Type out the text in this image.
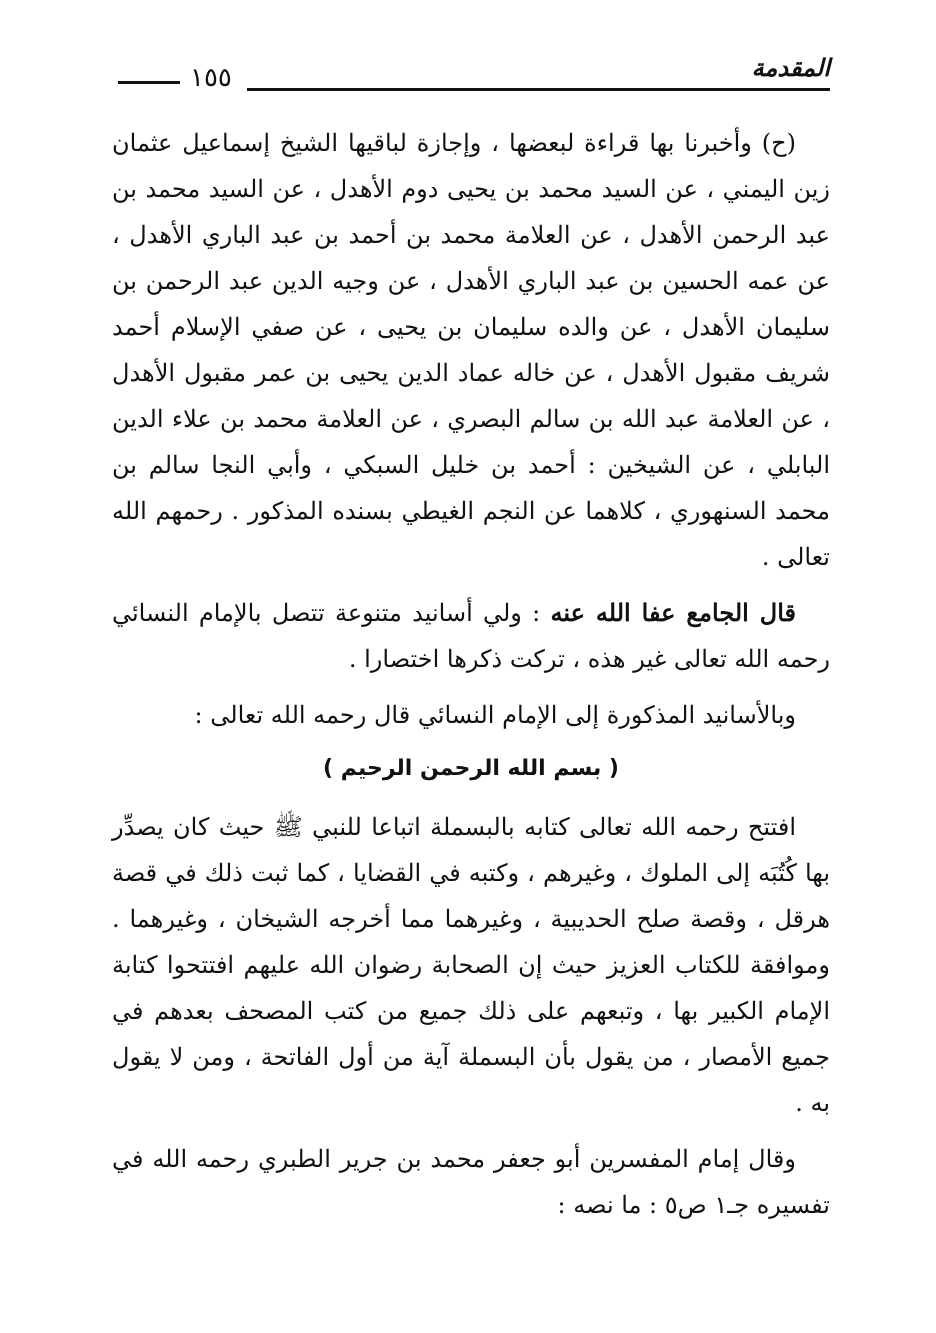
المقدمة
١٥٥

(ح) وأخبرنا بها قراءة لبعضها ، وإجازة لباقيها الشيخ إسماعيل عثمان زين اليمني ، عن السيد محمد بن يحيى دوم الأهدل ، عن السيد محمد بن عبد الرحمن الأهدل ، عن العلامة محمد بن أحمد بن عبد الباري الأهدل ، عن عمه الحسين بن عبد الباري الأهدل ، عن وجيه الدين عبد الرحمن بن سليمان الأهدل ، عن والده سليمان بن يحيى ، عن صفي الإسلام أحمد شريف مقبول الأهدل ، عن خاله عماد الدين يحيى بن عمر مقبول الأهدل ، عن العلامة عبد الله بن سالم البصري ، عن العلامة محمد بن علاء الدين البابلي ، عن الشيخين : أحمد بن خليل السبكي ، وأبي النجا سالم بن محمد السنهوري ، كلاهما عن النجم الغيطي بسنده المذكور . رحمهم الله تعالى .

قال الجامع عفا الله عنه : ولي أسانيد متنوعة تتصل بالإمام النسائي رحمه الله تعالى غير هذه ، تركت ذكرها اختصارا .

وبالأسانيد المذكورة إلى الإمام النسائي قال رحمه الله تعالى :

( بسم الله الرحمن الرحيم )

افتتح رحمه الله تعالى كتابه بالبسملة اتباعا للنبي ﷺ حيث كان يصدِّر بها كُتُبَه إلى الملوك ، وغيرهم ، وكتبه في القضايا ، كما ثبت ذلك في قصة هرقل ، وقصة صلح الحديبية ، وغيرهما مما أخرجه الشيخان ، وغيرهما . وموافقة للكتاب العزيز حيث إن الصحابة رضوان الله عليهم افتتحوا كتابة الإمام الكبير بها ، وتبعهم على ذلك جميع من كتب المصحف بعدهم في جميع الأمصار ، من يقول بأن البسملة آية من أول الفاتحة ، ومن لا يقول به .

وقال إمام المفسرين أبو جعفر محمد بن جرير الطبري رحمه الله في تفسيره جـ١ ص٥ : ما نصه :
